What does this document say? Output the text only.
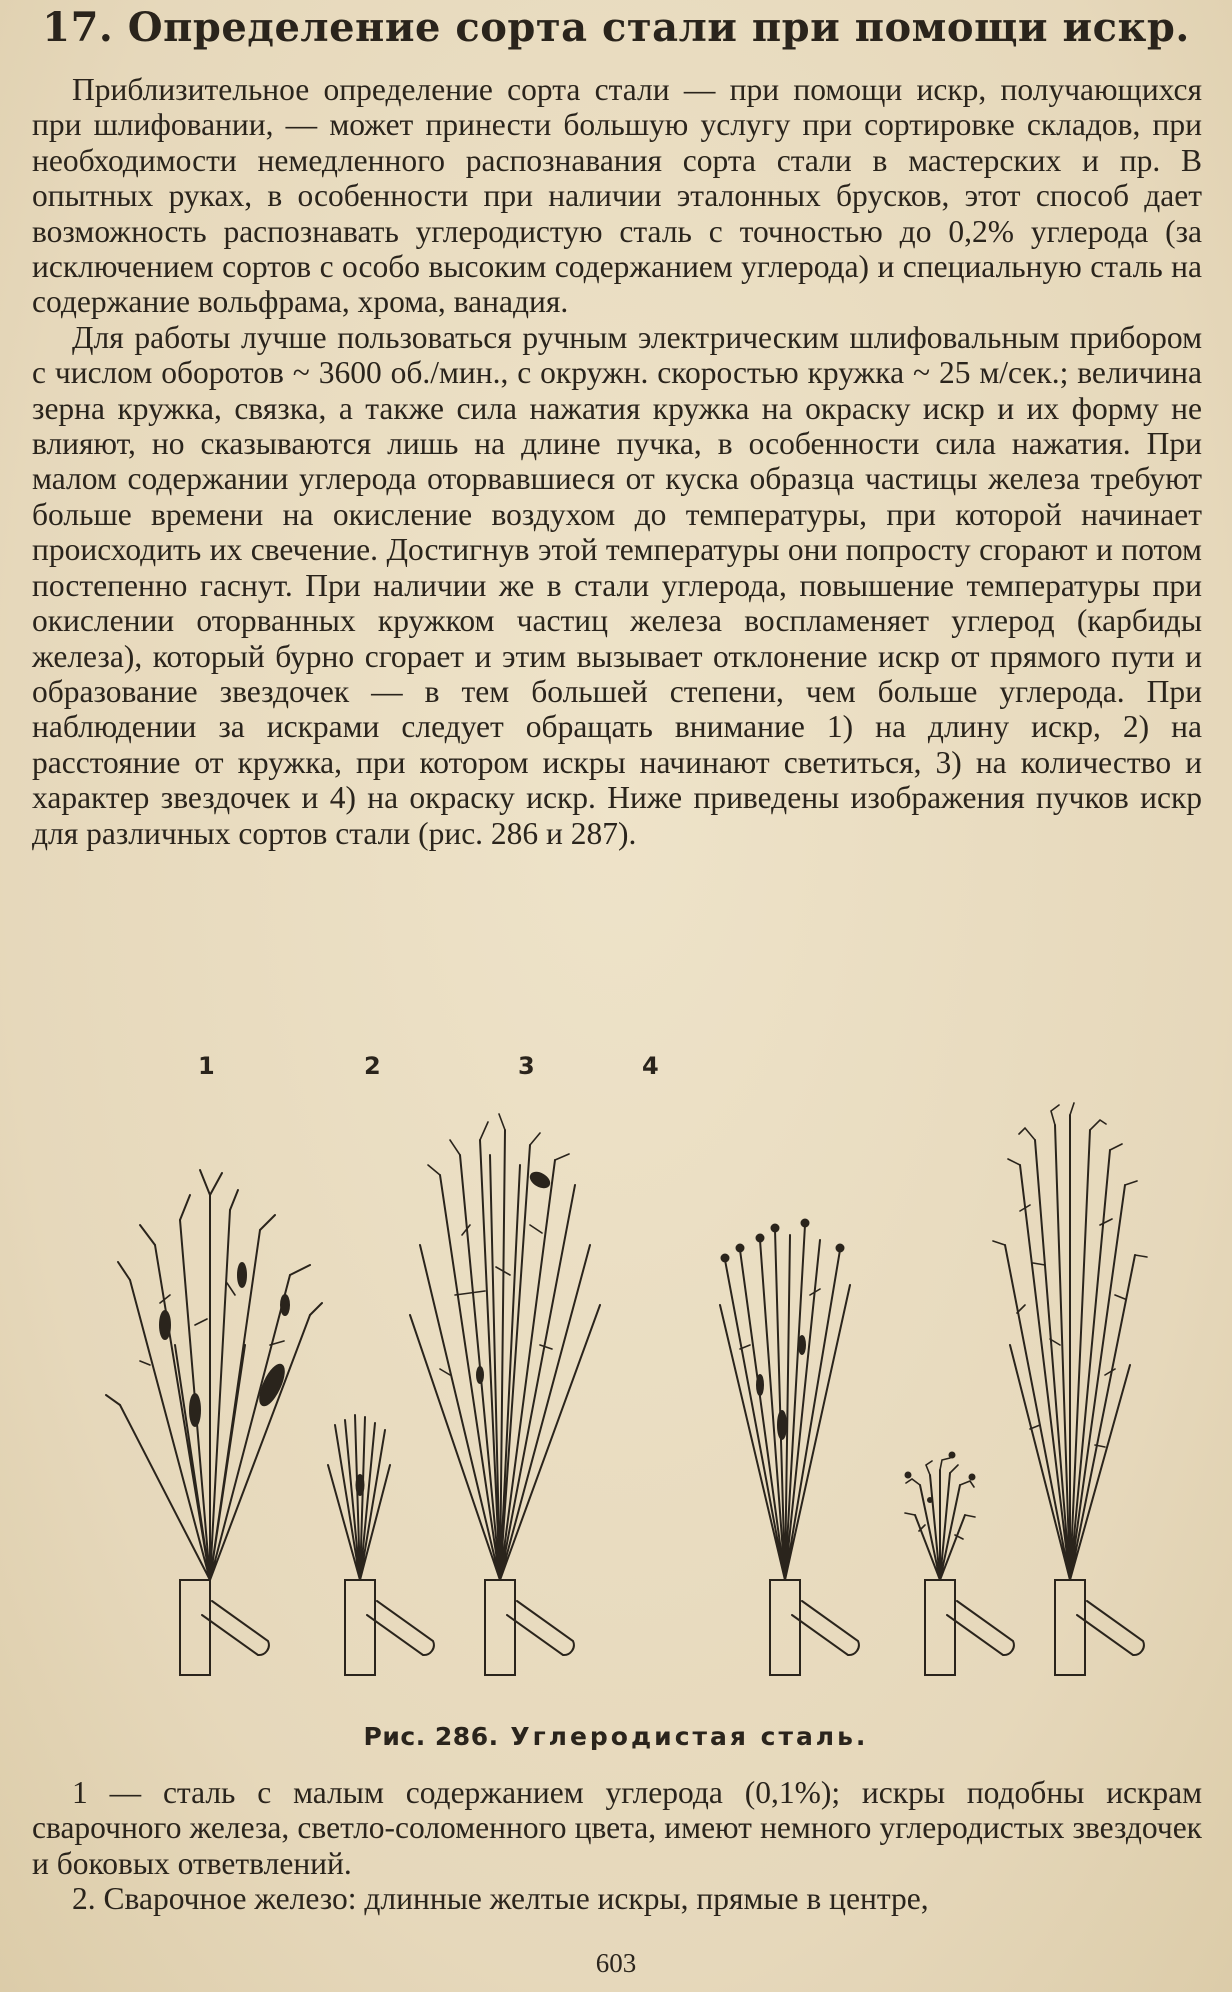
17. Определение сорта стали при помощи искр.

Приблизительное определение сорта стали — при помощи искр, получающихся при шлифовании, — может принести большую услугу при сортировке складов, при необходимости немедленного распознавания сорта стали в мастерских и пр. В опытных руках, в особенности при наличии эталонных брусков, этот способ дает возможность распознавать углеродистую сталь с точностью до 0,2% углерода (за исключением сортов с особо высоким содержанием углерода) и специальную сталь на содержание вольфрама, хрома, ванадия.

Для работы лучше пользоваться ручным электрическим шлифовальным прибором с числом оборотов ~ 3600 об./мин., с окружн. скоростью кружка ~ 25 м/сек.; величина зерна кружка, связка, а также сила нажатия кружка на окраску искр и их форму не влияют, но сказываются лишь на длине пучка, в особенности сила нажатия. При малом содержании углерода оторвавшиеся от куска образца частицы железа требуют больше времени на окисление воздухом до температуры, при которой начинает происходить их свечение. Достигнув этой температуры они попросту сгорают и потом постепенно гаснут. При наличии же в стали углерода, повышение температуры при окислении оторванных кружком частиц железа воспламеняет углерод (карбиды железа), который бурно сгорает и этим вызывает отклонение искр от прямого пути и образование звездочек — в тем большей степени, чем больше углерода. При наблюдении за искрами следует обращать внимание 1) на длину искр, 2) на расстояние от кружка, при котором искры начинают светиться, 3) на количество и характер звездочек и 4) на окраску искр. Ниже приведены изображения пучков искр для различных сортов стали (рис. 286 и 287).

1	2	3	4
Рис. 286. Углеродистая сталь.

1 — сталь с малым содержанием углерода (0,1%); искры подобны искрам сварочного железа, светло-соломенного цвета, имеют немного углеродистых звездочек и боковых ответвлений.

2. Сварочное железо: длинные желтые искры, прямые в центре,

603
